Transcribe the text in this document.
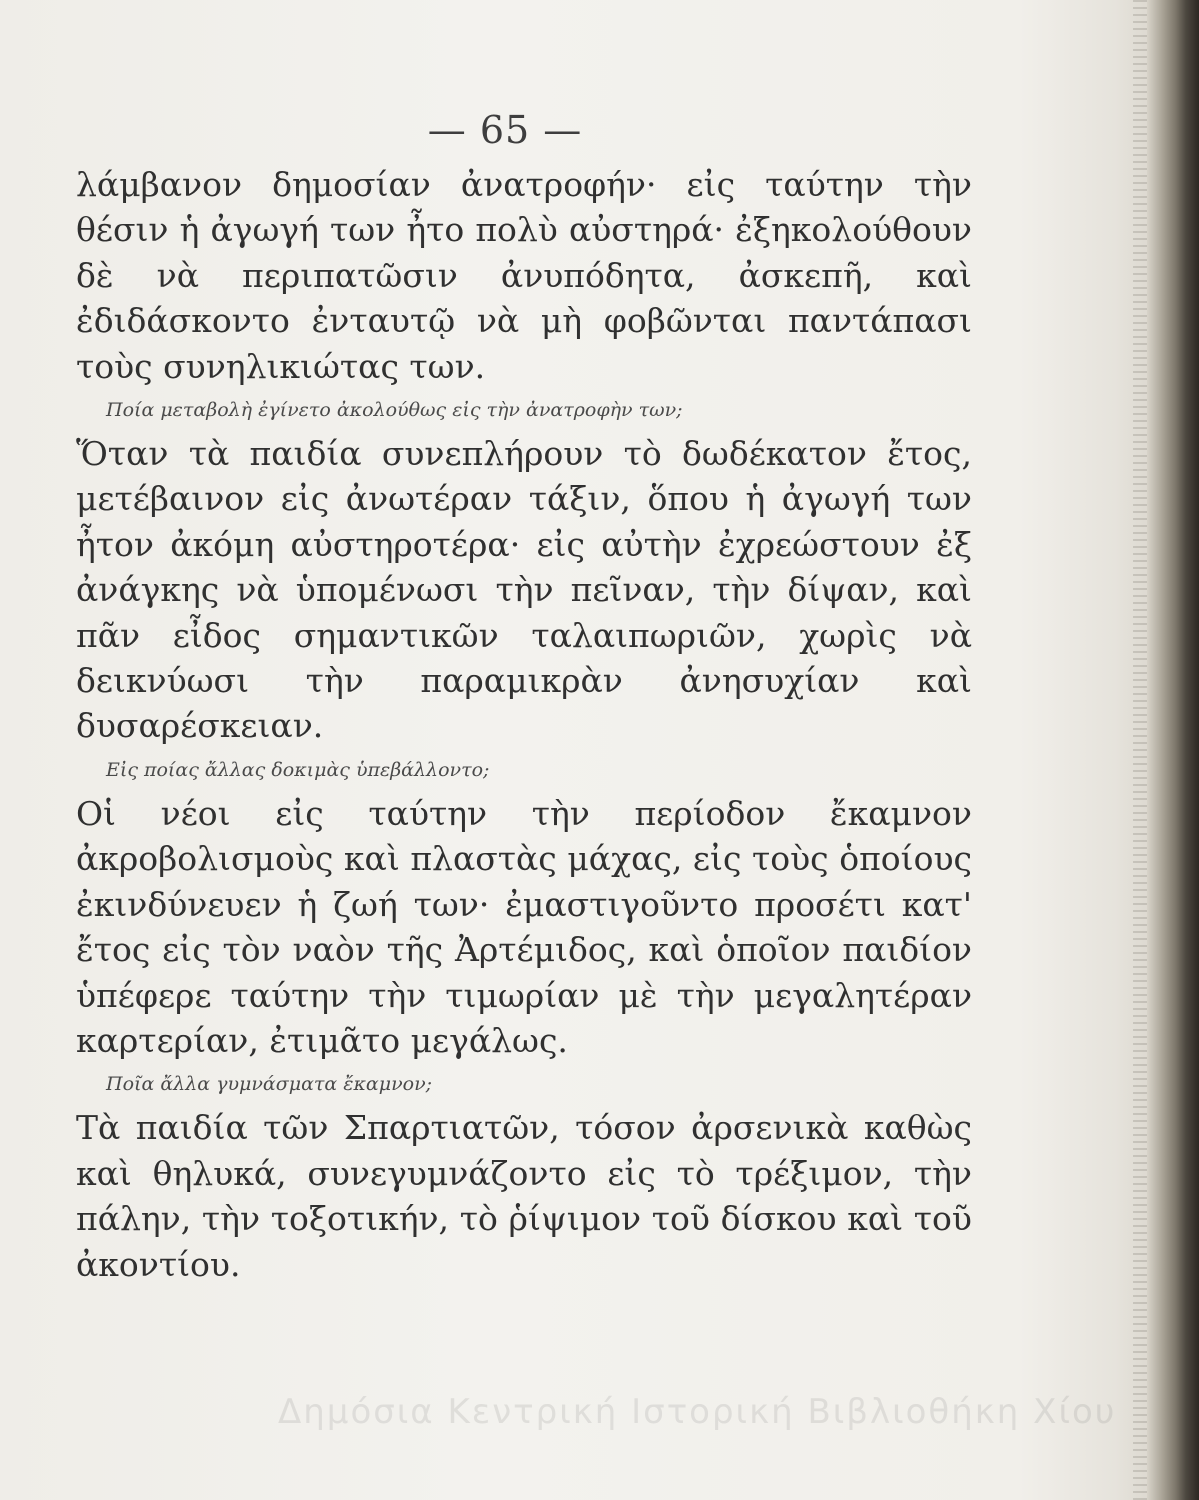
— 65 —

λάμβανον δημοσίαν ἀνατροφήν· εἰς ταύτην τὴν θέσιν ἡ ἀγωγή των ἦτο πολὺ αὐστηρά· ἐξηκολούθουν δὲ νὰ περιπατῶσιν ἀνυπόδητα, ἀσκεπῆ, καὶ ἐδιδάσκοντο ἐνταυτῷ νὰ μὴ φοβῶνται παντάπασι τοὺς συνηλικιώτας των.

Ποία μεταβολὴ ἐγίνετο ἀκολούθως εἰς τὴν ἀνατροφὴν των;

Ὅταν τὰ παιδία συνεπλήρουν τὸ δωδέκατον ἔτος, μετέβαινον εἰς ἀνωτέραν τάξιν, ὅπου ἡ ἀγωγή των ἦτον ἀκόμη αὐστηροτέρα· εἰς αὐτὴν ἐχρεώστουν ἐξ ἀνάγκης νὰ ὑπομένωσι τὴν πεῖναν, τὴν δίψαν, καὶ πᾶν εἶδος σημαντικῶν ταλαιπωριῶν, χωρὶς νὰ δεικνύωσι τὴν παραμικρὰν ἀνησυχίαν καὶ δυσαρέσκειαν.

Εἰς ποίας ἄλλας δοκιμὰς ὑπεβάλλοντο;

Οἱ νέοι εἰς ταύτην τὴν περίοδον ἔκαμνον ἀκροβολισμοὺς καὶ πλαστὰς μάχας, εἰς τοὺς ὁποίους ἐκινδύνευεν ἡ ζωή των· ἐμαστιγοῦντο προσέτι κατ' ἔτος εἰς τὸν ναὸν τῆς Ἀρτέμιδος, καὶ ὁποῖον παιδίον ὑπέφερε ταύτην τὴν τιμωρίαν μὲ τὴν μεγαλητέραν καρτερίαν, ἐτιμᾶτο μεγάλως.

Ποῖα ἄλλα γυμνάσματα ἔκαμνον;

Τὰ παιδία τῶν Σπαρτιατῶν, τόσον ἀρσενικὰ καθὼς καὶ θηλυκά, συνεγυμνάζοντο εἰς τὸ τρέξιμον, τὴν πάλην, τὴν τοξοτικήν, τὸ ῥίψιμον τοῦ δίσκου καὶ τοῦ ἀκοντίου.

Δημόσια Κεντρική Ιστορική Βιβλιοθήκη Χίου
